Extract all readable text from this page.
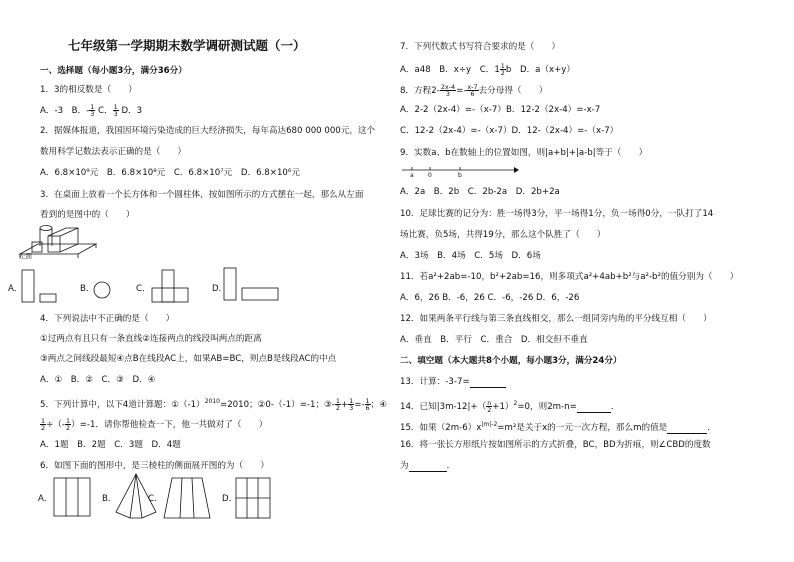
七年级第一学期期末数学调研测试题（一）
一、选择题（每小题3分，满分36分）
1．3的相反数是（　　）
A．-3　B．- $\frac{1}{3}$ C． $\frac{1}{3}$ D．3
2．据媒体报道，我国因环境污染造成的巨大经济损失，每年高达680 000 000元，这个
数用科学记数法表示正确的是（　　）
A．6.8×10⁹元　B．6.8×10⁸元　C．6.8×10⁷元　D．6.8×10⁶元
3．在桌面上放着一个长方体和一个圆柱体，按如图所示的方式摆在一起，那么从左面
看到的是图中的（　　）
左面
A．	B．	C．	D．
4．下列说法中不正确的是（　　）
①过两点有且只有一条直线②连接两点的线段叫两点的距离
③两点之间线段最短④点B在线段AC上，如果AB=BC，则点B是线段AC的中点
A．①　B．②　C．③　D．④
5．下列计算中，以下4道计算题：$①(-1)^{2010}=2010$；②0-（-1）=-1；③- $\frac{1}{2} + \frac{1}{3} =- \frac{1}{6}$ ；④
$\frac{1}{2}$ ÷（- $\frac{1}{2} )=-1$．请你帮他检查一下，他一共做对了（　　）
A．1题　B．2题　C．3题　D．4题
6．如图下面的图形中，是三棱柱的侧面展开图的为（　　）
A．	B．	C．	D．
7．下列代数式书写符合要求的是（　　）
A．a48　B．x÷y　C．$1 \frac{1}{2}$ b　 D．a（x+y）
8．方程$2- \frac{2x-4}{3} =- \frac{x-7}{6}$ 去分母得（　　）
A．2-2（2x-4）=-（x-7）B．12-2（2x-4）=-x-7
C．12-2（2x-4）=-（x-7）D．12-（2x-4）=-（x-7）
9．实数a、b在数轴上的位置如图，则|a+b|+|a-b|等于（　　）
a 0	b
A．2a　B．2b　C．2b-2a　D．2b+2a
10．足球比赛的记分为：胜一场得3分，平一场得1分，负一场得0分，一队打了14
场比赛，负5场，共得19分，那么这个队胜了（　　）
A．3场　B．4场　C．5场　D．6场
11．若a²+2ab=-10，b²+2ab=16，则多项式a²+4ab+b²与a²-b²的值分别为（　　）
A．6，26 B．-6，26 C．-6，-26 D．6，-26
12．如果两条平行线与第三条直线相交，那么一组同旁内角的平分线互相（　　）
A．垂直　B．平行　C．重合　D．相交但不垂直
二、填空题（本大题共8个小题，每小题3分，满分24分）
13．计算：-3-7=
14．已知$|3m-12|+( \frac{n}{2} +1)^2=0$，则2m-n=	．
15．如果$(2m-6)x^{|m|-2}=m^2$是关于x的一元一次方程，那么m的值是	．
16．将一张长方形纸片按如图所示的方式折叠，BC，BD为折痕，则∠CBD的度数
为	．
